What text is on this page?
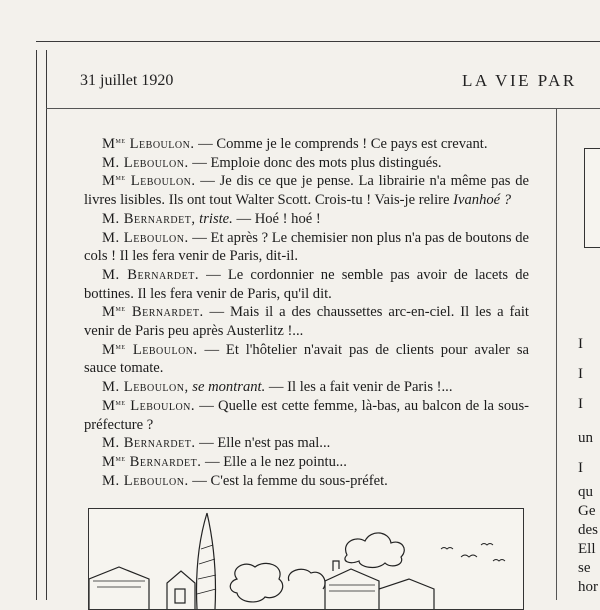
31 juillet 1920	LA VIE PAR

$M^{me}$ Leboulon. — Comme je le comprends ! Ce pays est crevant.

M. Leboulon. — Emploie donc des mots plus distingués.

$M^{me}$ Leboulon. — Je dis ce que je pense. La librairie n'a même pas de livres lisibles. Ils ont tout Walter Scott. Crois-tu ! Vais-je relire Ivanhoé ?

M. Bernardet, triste. — Hoé ! hoé !

M. Leboulon. — Et après ? Le chemisier non plus n'a pas de boutons de cols ! Il les fera venir de Paris, dit-il.

M. Bernardet. — Le cordonnier ne semble pas avoir de lacets de bottines. Il les fera venir de Paris, qu'il dit.

$M^{me}$ Bernardet. — Mais il a des chaussettes arc-en-ciel. Il les a fait venir de Paris peu après Austerlitz !...

$M^{me}$ Leboulon. — Et l'hôtelier n'avait pas de clients pour avaler sa sauce tomate.

M. Leboulon, se montrant. — Il les a fait venir de Paris !...

$M^{me}$ Leboulon. — Quelle est cette femme, là-bas, au balcon de la sous-préfecture ?

M. Bernardet. — Elle n'est pas mal...

$M^{me}$ Bernardet. — Elle a le nez pointu...

M. Leboulon. — C'est la femme du sous-préfet.

I
I
I
un
I
qu
Ge
des
Ell
se
hor
